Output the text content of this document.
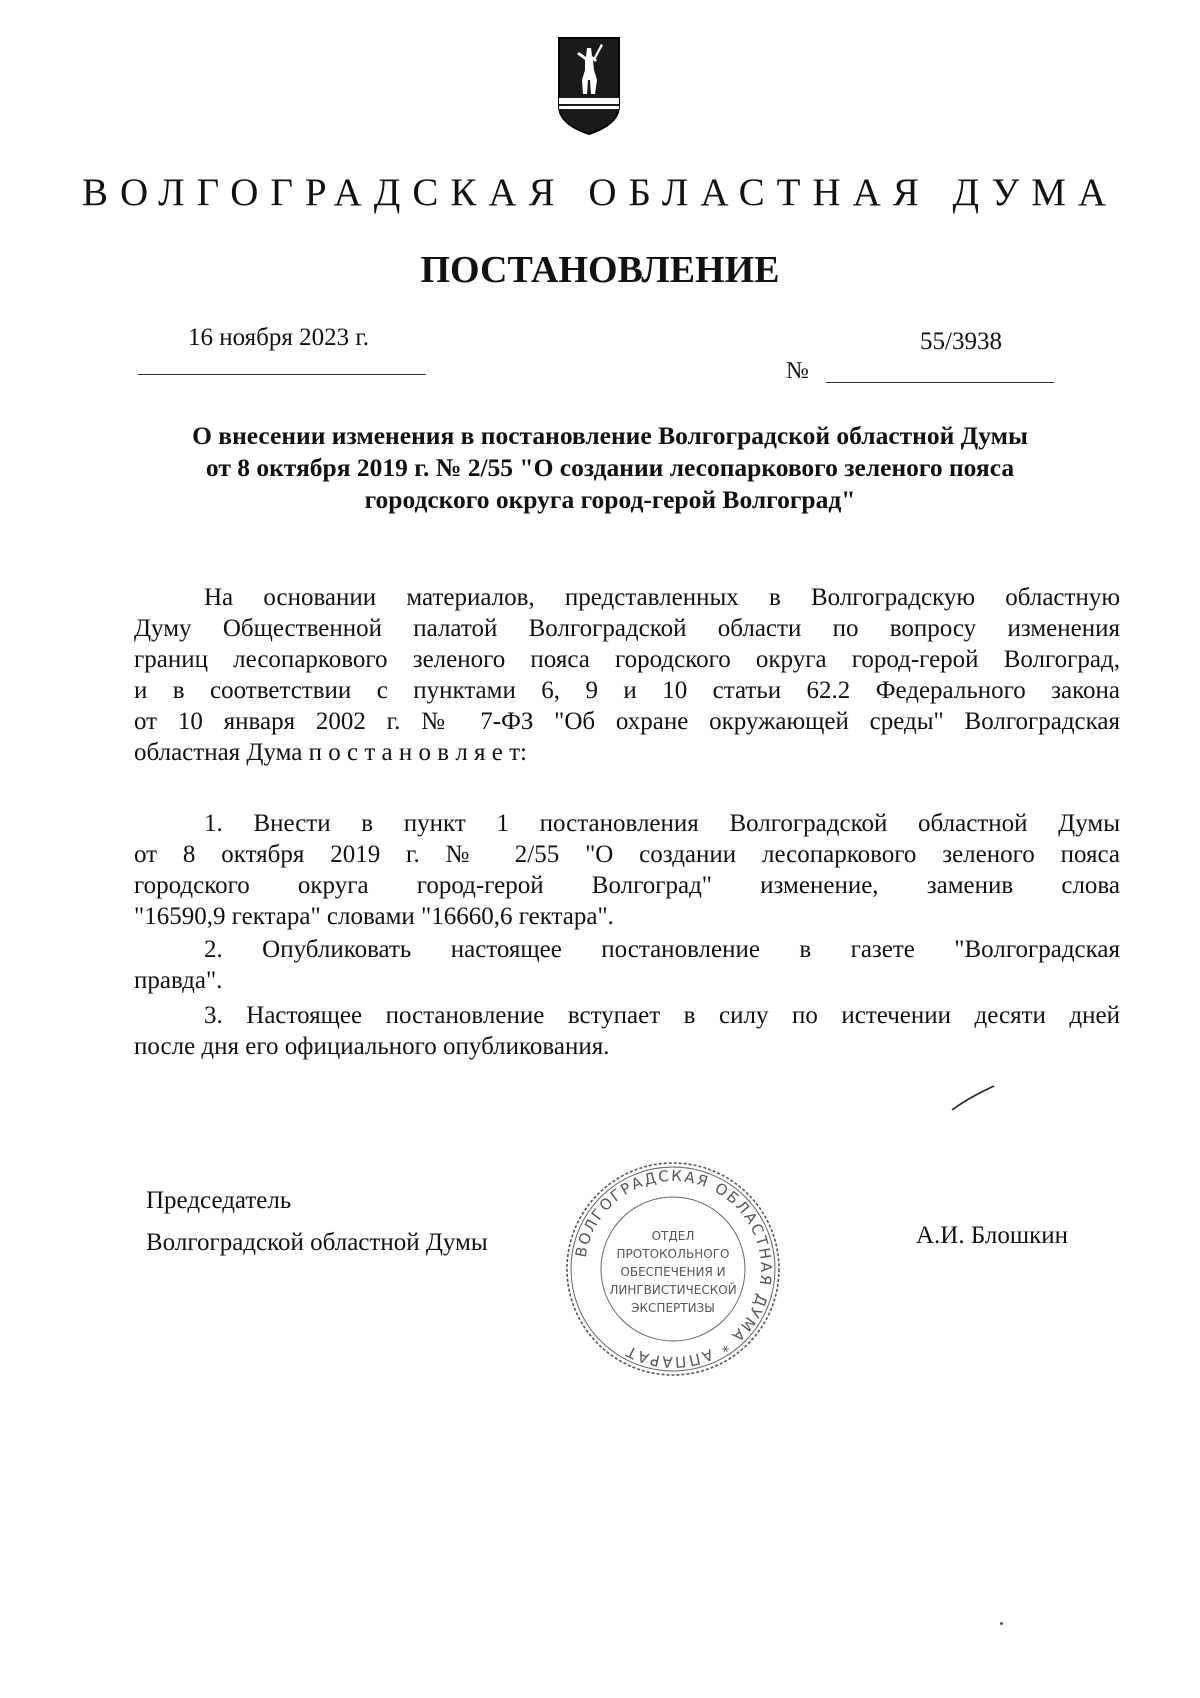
ВОЛГОГРАДСКАЯ ОБЛАСТНАЯ ДУМА
ПОСТАНОВЛЕНИЕ
16 ноября 2023 г.	55/3938
№
О внесении изменения в постановление Волгоградской областной Думы
от 8 октября 2019 г. № 2/55 "О создании лесопаркового зеленого пояса
городского округа город-герой Волгоград"
На основании материалов, представленных в Волгоградскую областную
Думу Общественной палатой Волгоградской области по вопросу изменения
границ лесопаркового зеленого пояса городского округа город-герой Волгоград,
и в соответствии с пунктами 6, 9 и 10 статьи 62.2 Федерального закона
от 10 января 2002 г. № 7-ФЗ "Об охране окружающей среды" Волгоградская
областная Дума п о с т а н о в л я е т:
1. Внести в пункт 1 постановления Волгоградской областной Думы
от 8 октября 2019 г. № 2/55 "О создании лесопаркового зеленого пояса
городского округа город-герой Волгоград" изменение, заменив слова
"16590,9 гектара" словами "16660,6 гектара".
2. Опубликовать настоящее постановление в газете "Волгоградская
правда".
3. Настоящее постановление вступает в силу по истечении десяти дней
после дня его официального опубликования.
Председатель
Волгоградской областной Думы	А.И. Блошкин
ВОЛГОГРАДСКАЯ ОБЛАСТНАЯ ДУМА * АППАРАТ
ОТДЕЛ
ПРОТОКОЛЬНОГО
ОБЕСПЕЧЕНИЯ И
ЛИНГВИСТИЧЕСКОЙ
ЭКСПЕРТИЗЫ
